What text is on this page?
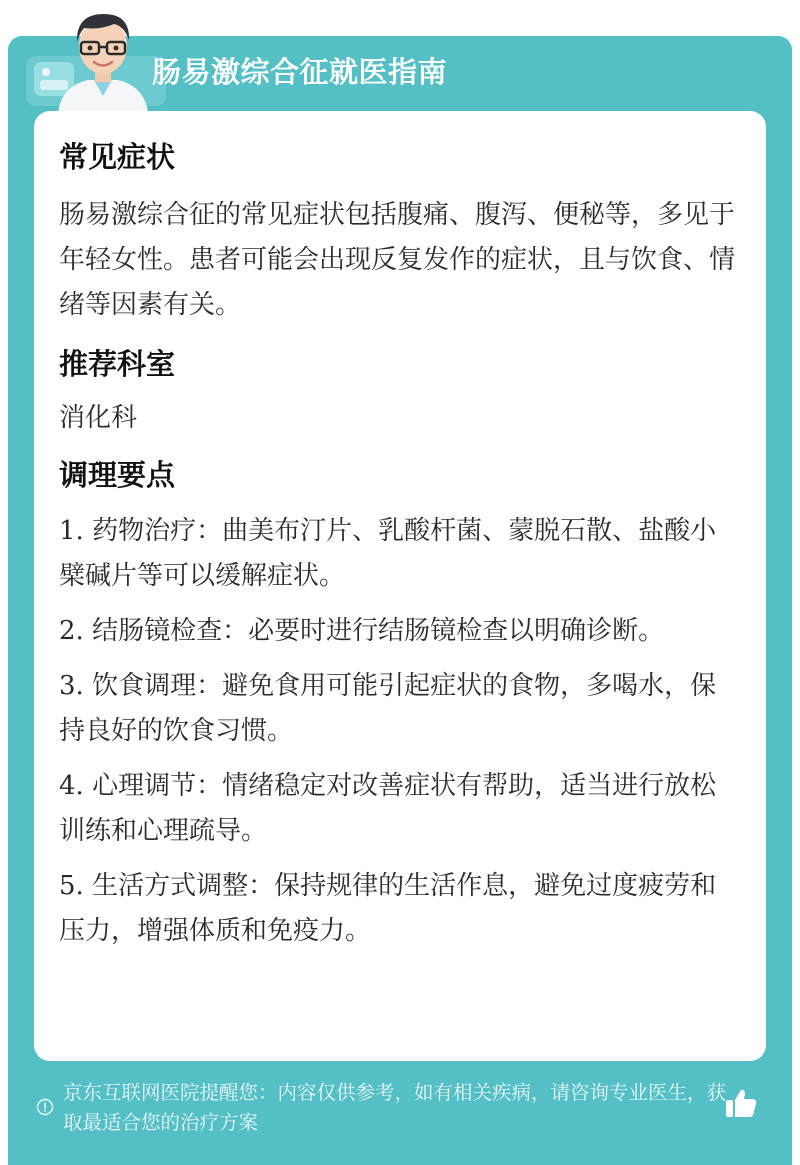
肠易激综合征就医指南
常见症状

肠易激综合征的常见症状包括腹痛、腹泻、便秘等，多见于年轻女性。患者可能会出现反复发作的症状，且与饮食、情绪等因素有关。

推荐科室

消化科

调理要点
1. 药物治疗：曲美布汀片、乳酸杆菌、蒙脱石散、盐酸小檗碱片等可以缓解症状。
2. 结肠镜检查：必要时进行结肠镜检查以明确诊断。
3. 饮食调理：避免食用可能引起症状的食物，多喝水，保持良好的饮食习惯。
4. 心理调节：情绪稳定对改善症状有帮助，适当进行放松训练和心理疏导。
5. 生活方式调整：保持规律的生活作息，避免过度疲劳和压力，增强体质和免疫力。
京东互联网医院提醒您：内容仅供参考，如有相关疾病，请咨询专业医生，获取最适合您的治疗方案
